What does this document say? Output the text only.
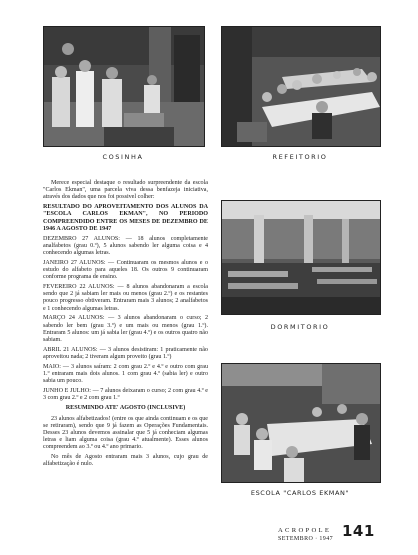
COSINHA	REFEITORIO

Merece especial destaque o resultado surpreendente da escola "Carlos Ekman", uma parcela viva dessa benfazeja iniciativa, através dos dados que nos foi possivel colher:

RESULTADO DO APROVEITAMENTO DOS ALUNOS DA "ESCOLA CARLOS EKMAN", NO PERIODO COMPREENDIDO ENTRE OS MESES DE DEZEMBRO DE 1946 A AGOSTO DE 1947

DEZEMBRO 27 ALUNOS: — 18 alunos completamente analfabetos (grau 0.º), 5 alunos sabendo ler alguma coisa e 4 conhecendo algumas letras.

JANEIRO 27 ALUNOS: — Continuaram os mesmos alunos e o estudo do alfabeto para aqueles 18. Os outros 9 continuaram conforme programa de ensino.

FEVEREIRO 22 ALUNOS: — 8 alunos abandonaram a escola sendo que 2 já sabiam ler mais ou menos (grau 2.º) e os restantes pouco progresso obtiveram. Entraram mais 3 alunos; 2 analfabetos e 1 conhecendo algumas letras.

MARÇO 24 ALUNOS: — 3 alunos abandonaram o curso; 2 sabendo ler bem (grau 3.º) e um mais ou menos (grau 1.º). Entraram 5 alunos: um já sabia ler (grau 4.º) e os outros quatro não sabiam.

ABRIL 21 ALUNOS: — 3 alunos desistiram: 1 praticamente não aproveitou nada; 2 tiveram algum proveito (grau 1.º)

MAIO: — 3 alunos saíram: 2 com grau 2.º e 4.º e outro com grau 1.º entraram mais dois alunos. 1 com grau 4.º (sabia ler) e outro sabia um pouco.

JUNHO E JULHO: — 7 alunos deixaram o curso; 2 com grau 4.º e 3 com grau 2.º e 2 com grau 1.º

RESUMINDO ATE' AGOSTO (INCLUSIVE)

23 alunos alfabetizados! (entre os que ainda continuam e os que se retiraram), sendo que 9 já fazem as Operações Fundamentais. Desses 23 alunos devemos assinalar que 5 já conheciam algumas letras e liam alguma coisa (grau 4.º atualmente). Esses alunos compreendem ao 3.º ou 4.º ano primario.

No mês de Agosto entraram mais 3 alunos, cujo grau de alfabetização é nulo.

DORMITORIO
ESCOLA "CARLOS EKMAN"
ACROPOLE
SETEMBRO · 1947 141
